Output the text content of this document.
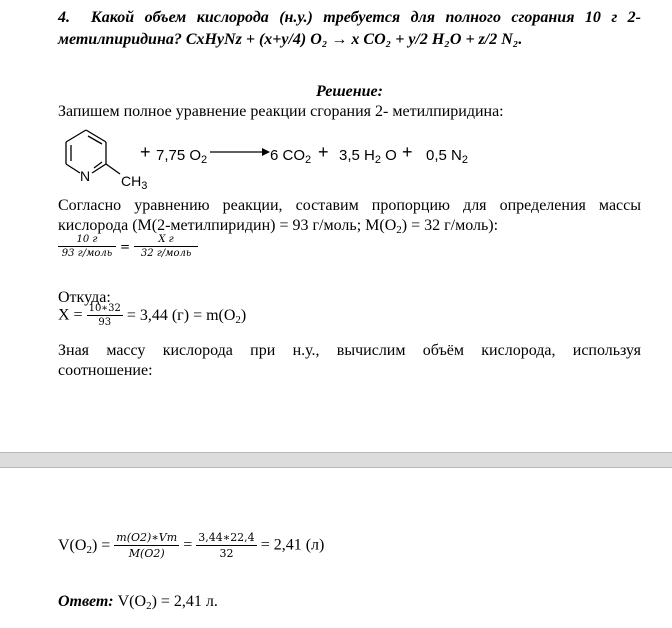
4. Какой объем кислорода (н.у.) требуется для полного сгорания 10 г 2-
метилпиридина? CxHyNz + (x+y/4) O₂ → x CO₂ + y/2 H₂O + z/2 N₂.
Решение:
Запишем полное уравнение реакции сгорания 2- метилпиридина:
N $CH_3$
+ 7,75 $O_2 \to 6$ $CO_2 + 3,5$ $H_2$ O + 0,5 $N_2$
Согласно уравнению реакции, составим пропорцию для определения массы
кислорода (М(2-метилпиридин) = 93 г/моль; $М(O_2) = 32$ г/моль):
$\frac{10 г}{\text{93 г/моль}} = \frac{\text{X г}}{\text{32 г/моль}}$
Откуда:
$X = \frac{10∗32}{93} = 3,44$ $(г) = m(O_2)$
Зная массу кислорода при н.у., вычислим объём кислорода, используя
соотношение:
$V(O_2) = \frac{m(O2)∗Vm}{M(O2)} = \frac{3,44∗22,4}{32} = 2,41$ (л)
Ответ: $V(O_2) = 2,41$ л.
